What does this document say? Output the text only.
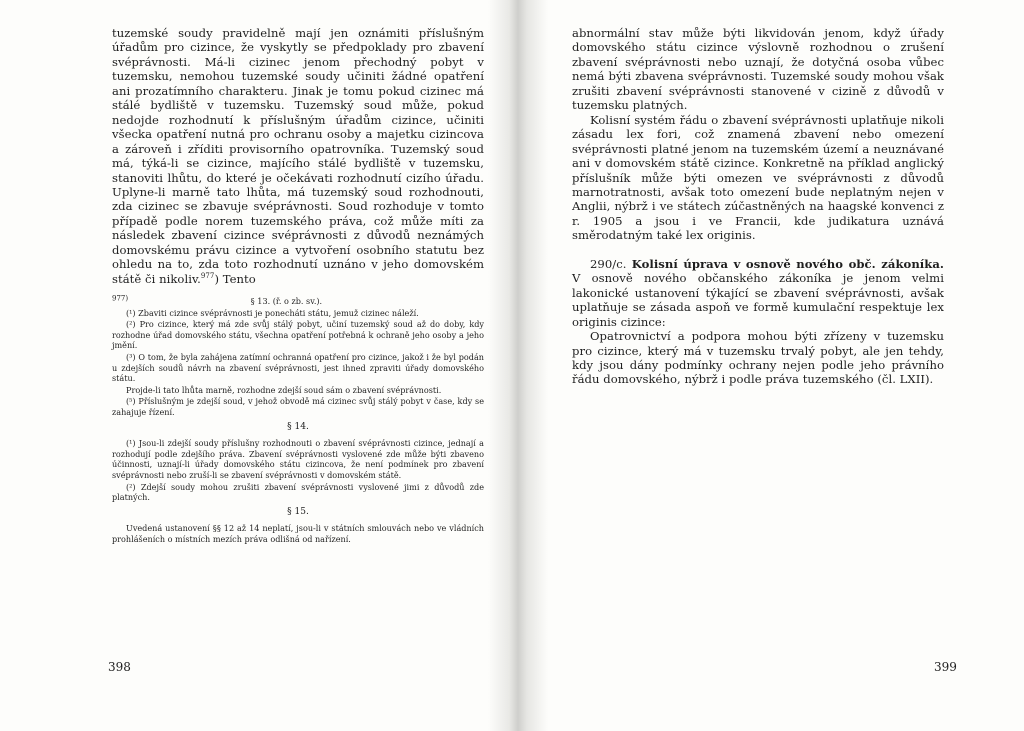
tuzemské soudy pravidelně mají jen oznámiti příslušným úřadům pro cizince, že vyskytly se předpoklady pro zbavení svéprávnosti. Má-li cizinec jenom přechodný pobyt v tuzemsku, nemohou tuzemské soudy učiniti žádné opatření ani prozatímního charakteru. Jinak je tomu pokud cizinec má stálé bydliště v tuzemsku. Tuzemský soud může, pokud nedojde rozhodnutí k příslušným úřadům cizince, učiniti všecka opatření nutná pro ochranu osoby a majetku cizincova a zároveň i zříditi provisorního opatrovníka. Tuzemský soud má, týká-li se cizince, majícího stálé bydliště v tuzemsku, stanoviti lhůtu, do které je očekávati rozhodnutí cizího úřadu. Uplyne-li marně tato lhůta, má tuzemský soud rozhodnouti, zda cizinec se zbavuje svéprávnosti. Soud rozhoduje v tomto případě podle norem tuzemského práva, což může míti za následek zbavení cizince svéprávnosti z důvodů neznámých domovskému právu cizince a vytvoření osobního statutu bez ohledu na to, zda toto rozhodnutí uznáno v jeho domovském státě či nikoliv.$^{977}$) Tento

977)	§ 13. (ř. o zb. sv.).

(¹) Zbaviti cizince svéprávnosti je ponecháti státu, jemuž cizinec náleží.

(²) Pro cizince, který má zde svůj stálý pobyt, učiní tuzemský soud až do doby, kdy rozhodne úřad domovského státu, všechna opatření potřebná k ochraně jeho osoby a jeho jmění.

(³) O tom, že byla zahájena zatímní ochranná opatření pro cizince, jakož i že byl podán u zdejších soudů návrh na zbavení svéprávnosti, jest ihned zpraviti úřady domovského státu.

Projde-li tato lhůta marně, rozhodne zdejší soud sám o zbavení svéprávnosti.

(⁵) Příslušným je zdejší soud, v jehož obvodě má cizinec svůj stálý pobyt v čase, kdy se zahajuje řízení.

§ 14.

(¹) Jsou-li zdejší soudy příslušny rozhodnouti o zbavení svéprávnosti cizince, jednají a rozhodují podle zdejšího práva. Zbavení svéprávnosti vyslovené zde může býti zbaveno účinnosti, uznají-li úřady domovského státu cizincova, že není podmínek pro zbavení svéprávnosti nebo zruší-li se zbavení svéprávnosti v domovském státě.

(²) Zdejší soudy mohou zrušiti zbavení svéprávnosti vyslovené jimi z důvodů zde platných.

§ 15.

Uvedená ustanovení §§ 12 až 14 neplatí, jsou-li v státních smlouvách nebo ve vládních prohlášeních o místních mezích práva odlišná od nařízení.

398

abnormální stav může býti likvidován jenom, když úřady domovského státu cizince výslovně rozhodnou o zrušení zbavení svéprávnosti nebo uznají, že dotyčná osoba vůbec nemá býti zbavena svéprávnosti. Tuzemské soudy mohou však zrušiti zbavení svéprávnosti stanovené v cizině z důvodů v tuzemsku platných.

Kolisní systém řádu o zbavení svéprávnosti uplatňuje nikoli zásadu lex fori, což znamená zbavení nebo omezení svéprávnosti platné jenom na tuzemském území a neuznávané ani v domovském státě cizince. Konkretně na příklad anglický příslušník může býti omezen ve svéprávnosti z důvodů marnotratnosti, avšak toto omezení bude neplatným nejen v Anglii, nýbrž i ve státech zúčastněných na haagské konvenci z r. 1905 a jsou i ve Francii, kde judikatura uznává směrodatným také lex originis.

290/c. Kolisní úprava v osnově nového obč. zákoníka. V osnově nového občanského zákoníka je jenom velmi lakonické ustanovení týkající se zbavení svéprávnosti, avšak uplatňuje se zásada aspoň ve formě kumulační respektuje lex originis cizince:

Opatrovnictví a podpora mohou býti zřízeny v tuzemsku pro cizince, který má v tuzemsku trvalý pobyt, ale jen tehdy, kdy jsou dány podmínky ochrany nejen podle jeho právního řádu domovského, nýbrž i podle práva tuzemského (čl. LXII).

399
